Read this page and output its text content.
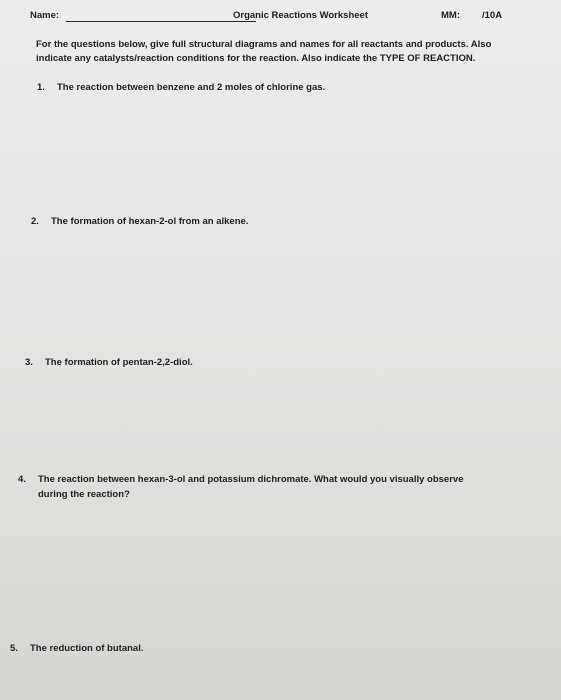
Name:	Organic Reactions Worksheet	MM: /10A
For the questions below, give full structural diagrams and names for all reactants and products. Also
indicate any catalysts/reaction conditions for the reaction. Also indicate the TYPE OF REACTION.
1. The reaction between benzene and 2 moles of chlorine gas.
2. The formation of hexan-2-ol from an alkene.
3. The formation of pentan-2,2-diol.
4. The reaction between hexan-3-ol and potassium dichromate. What would you visually observe
during the reaction?
5. The reduction of butanal.
